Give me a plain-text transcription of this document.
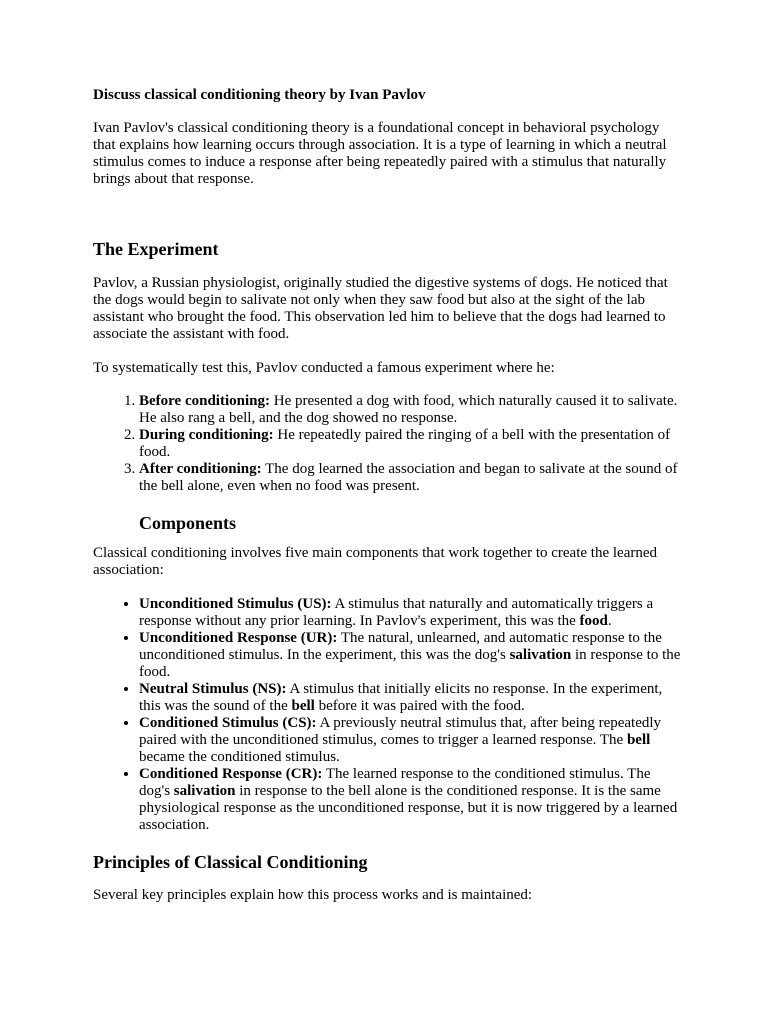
Discuss classical conditioning theory by Ivan Pavlov

Ivan Pavlov's classical conditioning theory is a foundational concept in behavioral psychology that explains how learning occurs through association. It is a type of learning in which a neutral stimulus comes to induce a response after being repeatedly paired with a stimulus that naturally brings about that response.

The Experiment

Pavlov, a Russian physiologist, originally studied the digestive systems of dogs. He noticed that the dogs would begin to salivate not only when they saw food but also at the sight of the lab assistant who brought the food. This observation led him to believe that the dogs had learned to associate the assistant with food.

To systematically test this, Pavlov conducted a famous experiment where he:

1. Before conditioning: He presented a dog with food, which naturally caused it to salivate. He also rang a bell, and the dog showed no response.
2. During conditioning: He repeatedly paired the ringing of a bell with the presentation of food.
3. After conditioning: The dog learned the association and began to salivate at the sound of the bell alone, even when no food was present.
Components

Classical conditioning involves five main components that work together to create the learned association:

• Unconditioned Stimulus (US): A stimulus that naturally and automatically triggers a response without any prior learning. In Pavlov's experiment, this was the food.
• Unconditioned Response (UR): The natural, unlearned, and automatic response to the unconditioned stimulus. In the experiment, this was the dog's salivation in response to the food.
• Neutral Stimulus (NS): A stimulus that initially elicits no response. In the experiment, this was the sound of the bell before it was paired with the food.
• Conditioned Stimulus (CS): A previously neutral stimulus that, after being repeatedly paired with the unconditioned stimulus, comes to trigger a learned response. The bell became the conditioned stimulus.
• Conditioned Response (CR): The learned response to the conditioned stimulus. The dog's salivation in response to the bell alone is the conditioned response. It is the same physiological response as the unconditioned response, but it is now triggered by a learned association.
Principles of Classical Conditioning

Several key principles explain how this process works and is maintained:
